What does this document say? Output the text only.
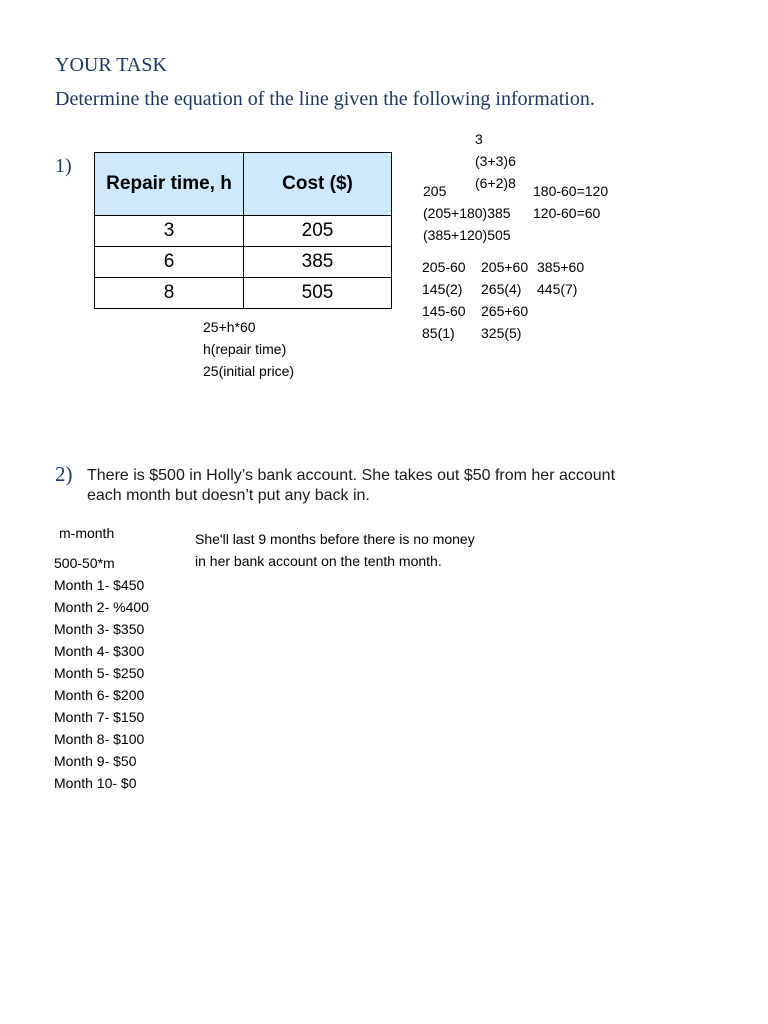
YOUR TASK
Determine the equation of the line given the following information.
1)
Repair time, h	Cost ($)
3	205
6	385
8	505
25+h*60
h(repair time)
25(initial price)
3
(3+3)6
(6+2)8
205
(205+180)385
(385+120)505
180-60=120
120-60=60
205-60
145(2)
145-60
85(1)
205+60
265(4)
265+60
325(5)
385+60
445(7)
2) There is $500 in Holly’s bank account. She takes out $50 from her account
each month but doesn’t put any back in.
m-month
500-50*m
Month 1- $450
Month 2- %400
Month 3- $350
Month 4- $300
Month 5- $250
Month 6- $200
Month 7- $150
Month 8- $100
Month 9- $50
Month 10- $0
She'll last 9 months before there is no money
in her bank account on the tenth month.
